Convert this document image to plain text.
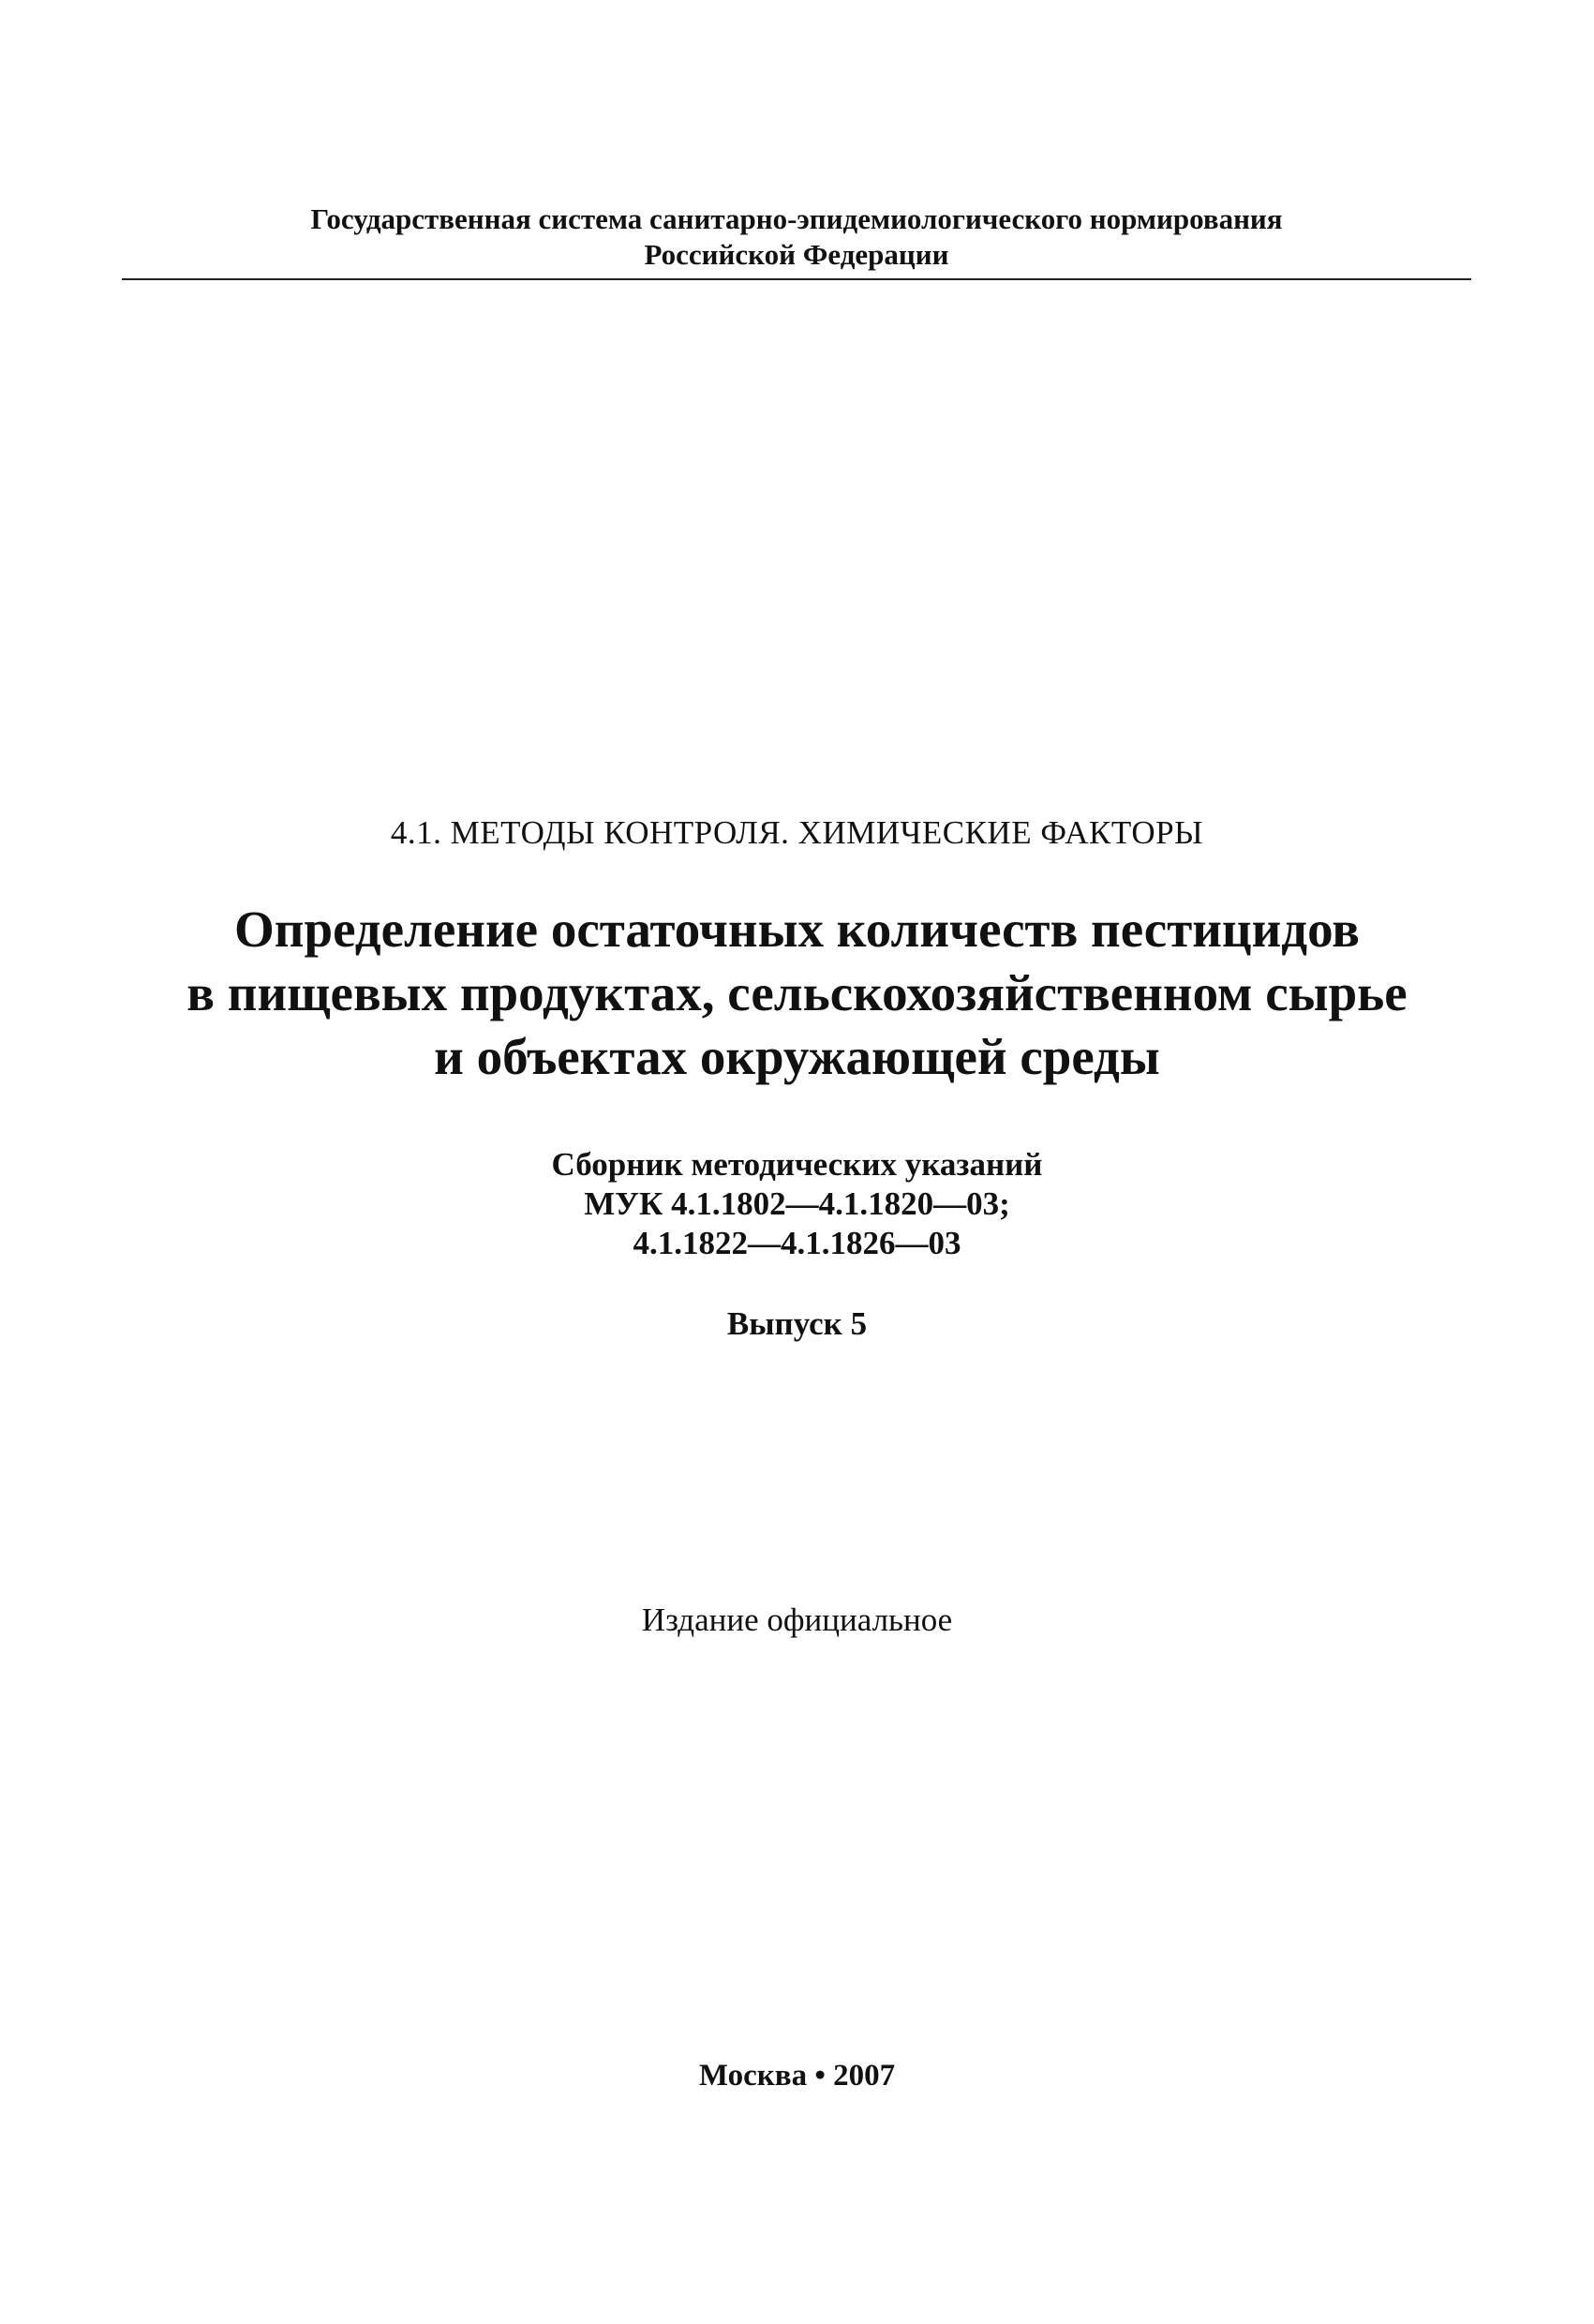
Государственная система санитарно-эпидемиологического нормирования
Российской Федерации
4.1. МЕТОДЫ КОНТРОЛЯ. ХИМИЧЕСКИЕ ФАКТОРЫ
Определение остаточных количеств пестицидов
в пищевых продуктах, сельскохозяйственном сырье
и объектах окружающей среды
Сборник методических указаний
МУК 4.1.1802—4.1.1820—03;
4.1.1822—4.1.1826—03
Выпуск 5
Издание официальное
Москва • 2007
